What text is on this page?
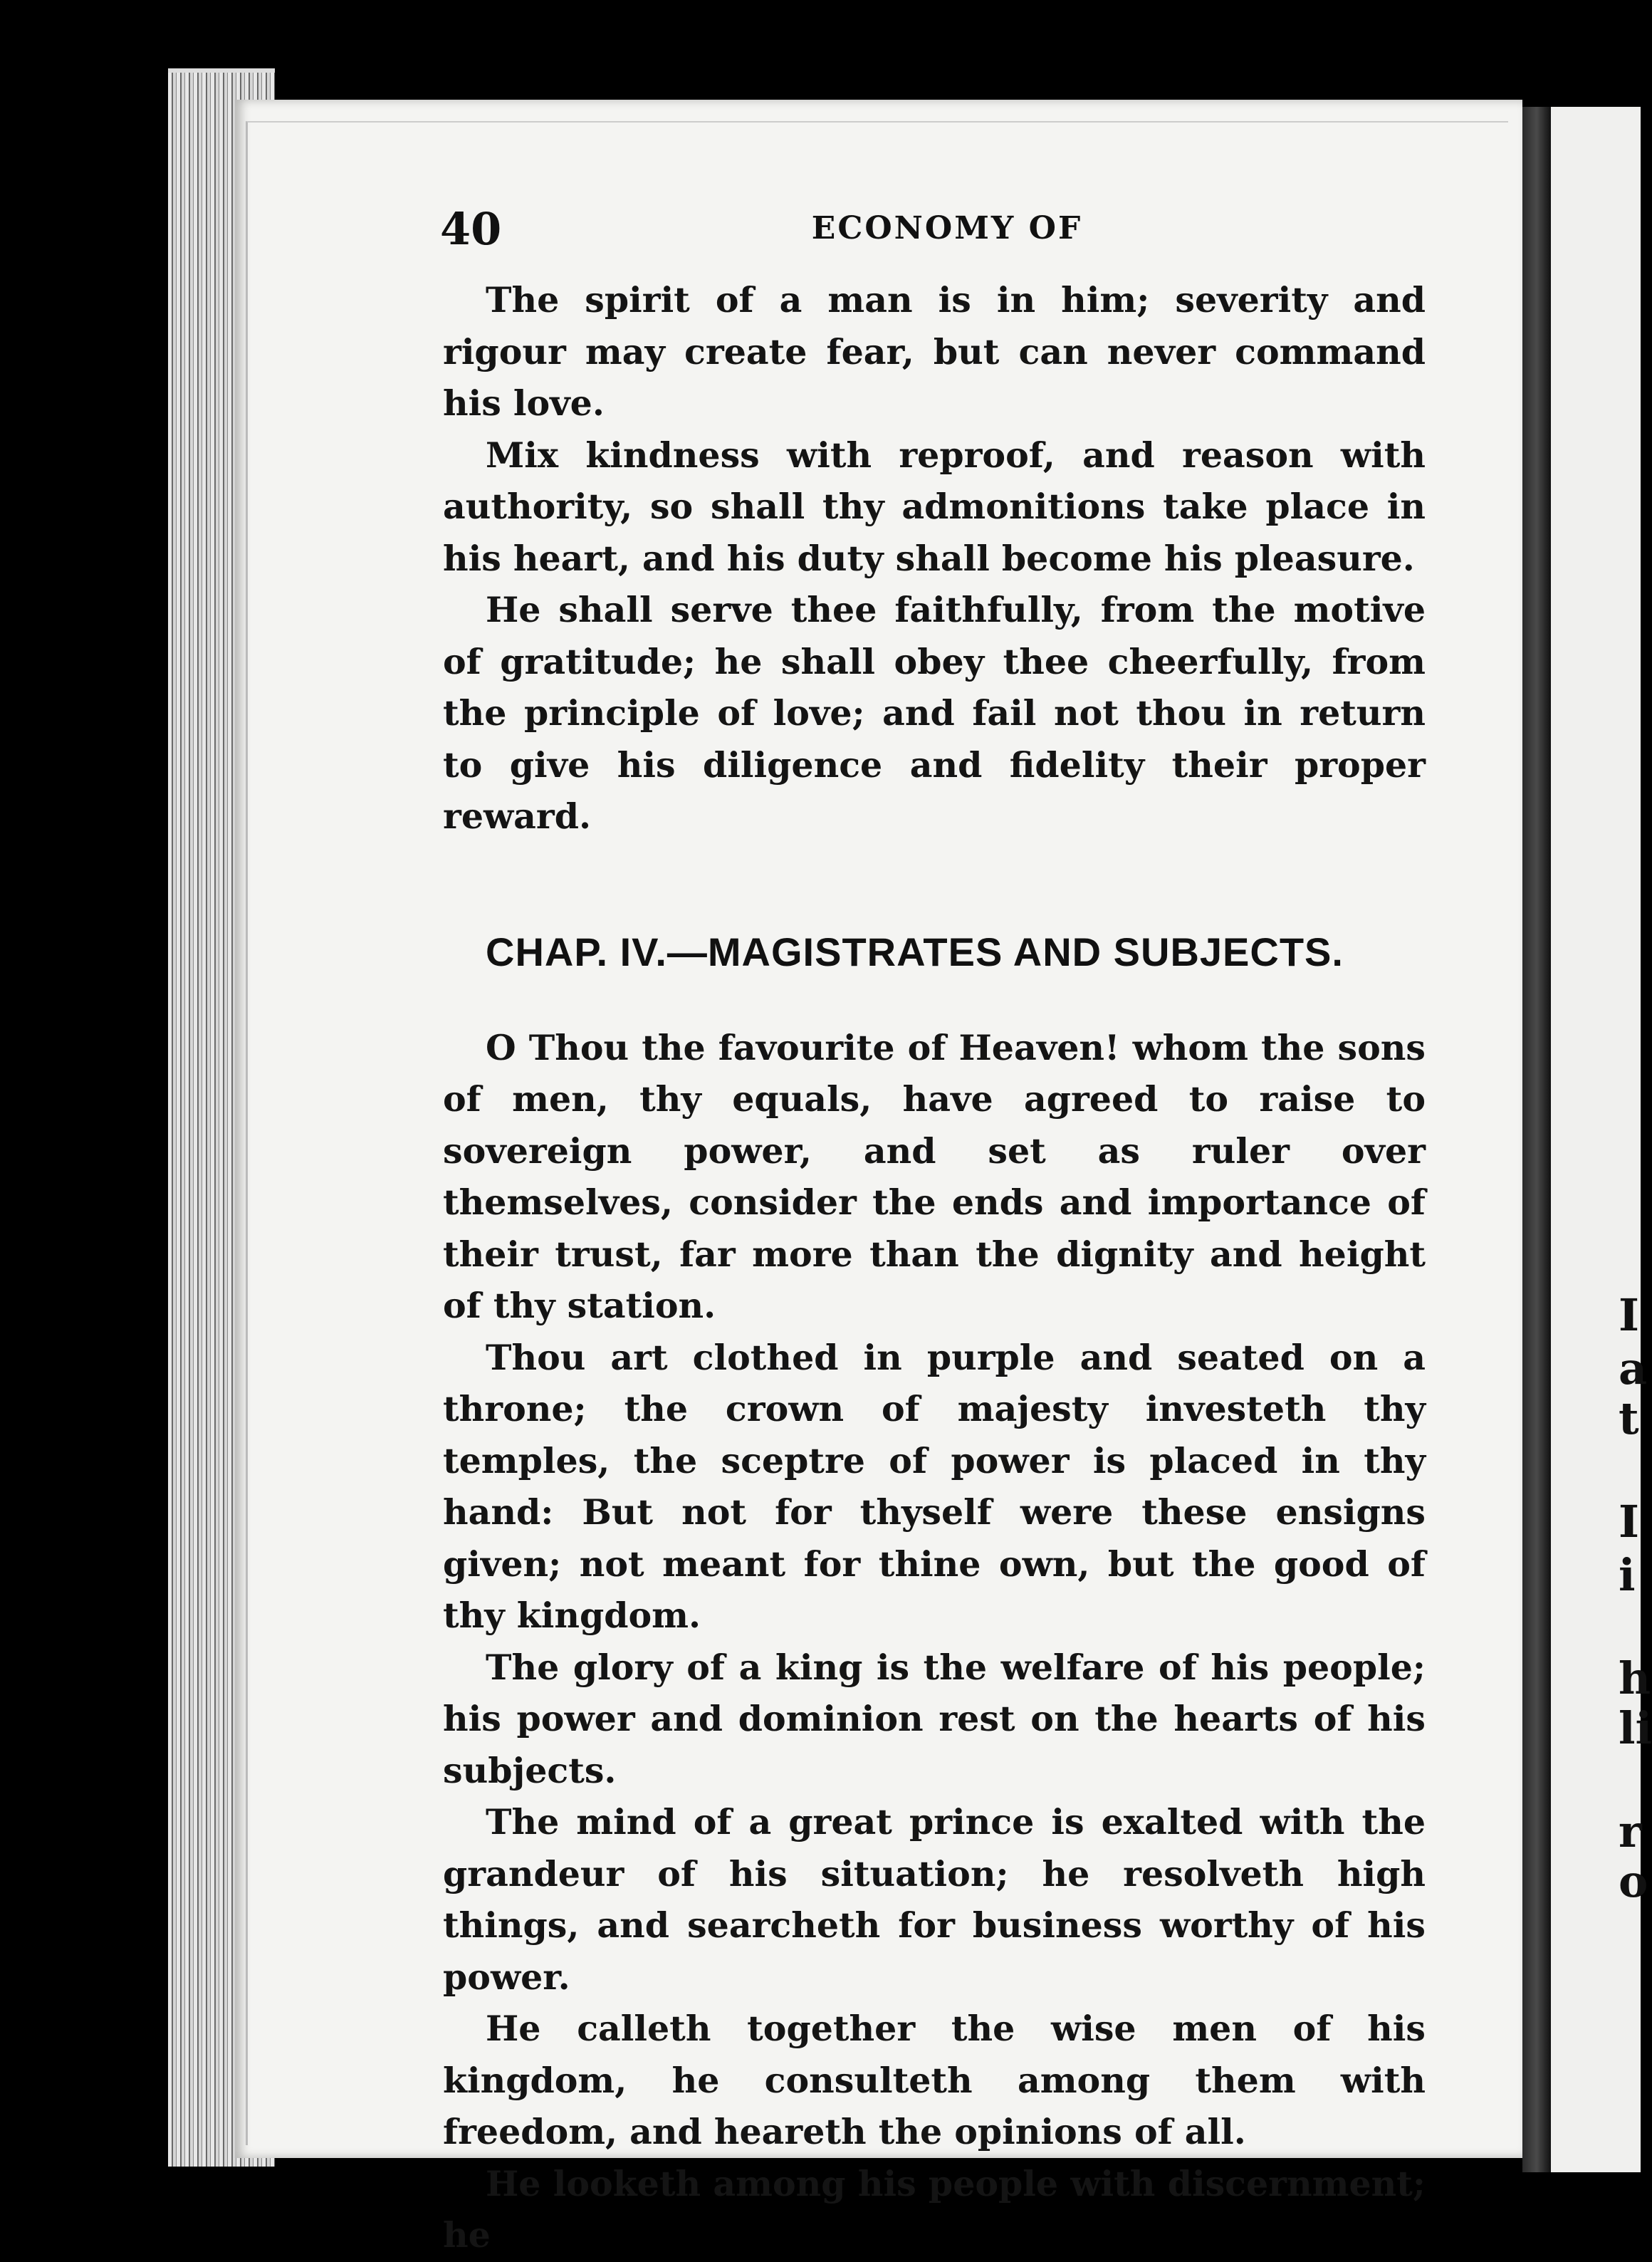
I
a
t
I
i
h
li
r
o
40	ECONOMY OF

The spirit of a man is in him; severity and rigour may create fear, but can never command his love.

Mix kindness with reproof, and reason with authority, so shall thy admonitions take place in his heart, and his duty shall become his pleasure.

He shall serve thee faithfully, from the motive of gratitude; he shall obey thee cheerfully, from the principle of love; and fail not thou in return to give his diligence and fidelity their proper reward.

CHAP. IV.—MAGISTRATES AND SUBJECTS.

O Thou the favourite of Heaven! whom the sons of men, thy equals, have agreed to raise to sovereign power, and set as ruler over themselves, consider the ends and importance of their trust, far more than the dignity and height of thy station.

Thou art clothed in purple and seated on a throne; the crown of majesty investeth thy temples, the sceptre of power is placed in thy hand: But not for thyself were these ensigns given; not meant for thine own, but the good of thy kingdom.

The glory of a king is the welfare of his people; his power and dominion rest on the hearts of his subjects.

The mind of a great prince is exalted with the grandeur of his situation; he resolveth high things, and searcheth for business worthy of his power.

He calleth together the wise men of his kingdom, he consulteth among them with freedom, and heareth the opinions of all.

He looketh among his people with discernment; he
